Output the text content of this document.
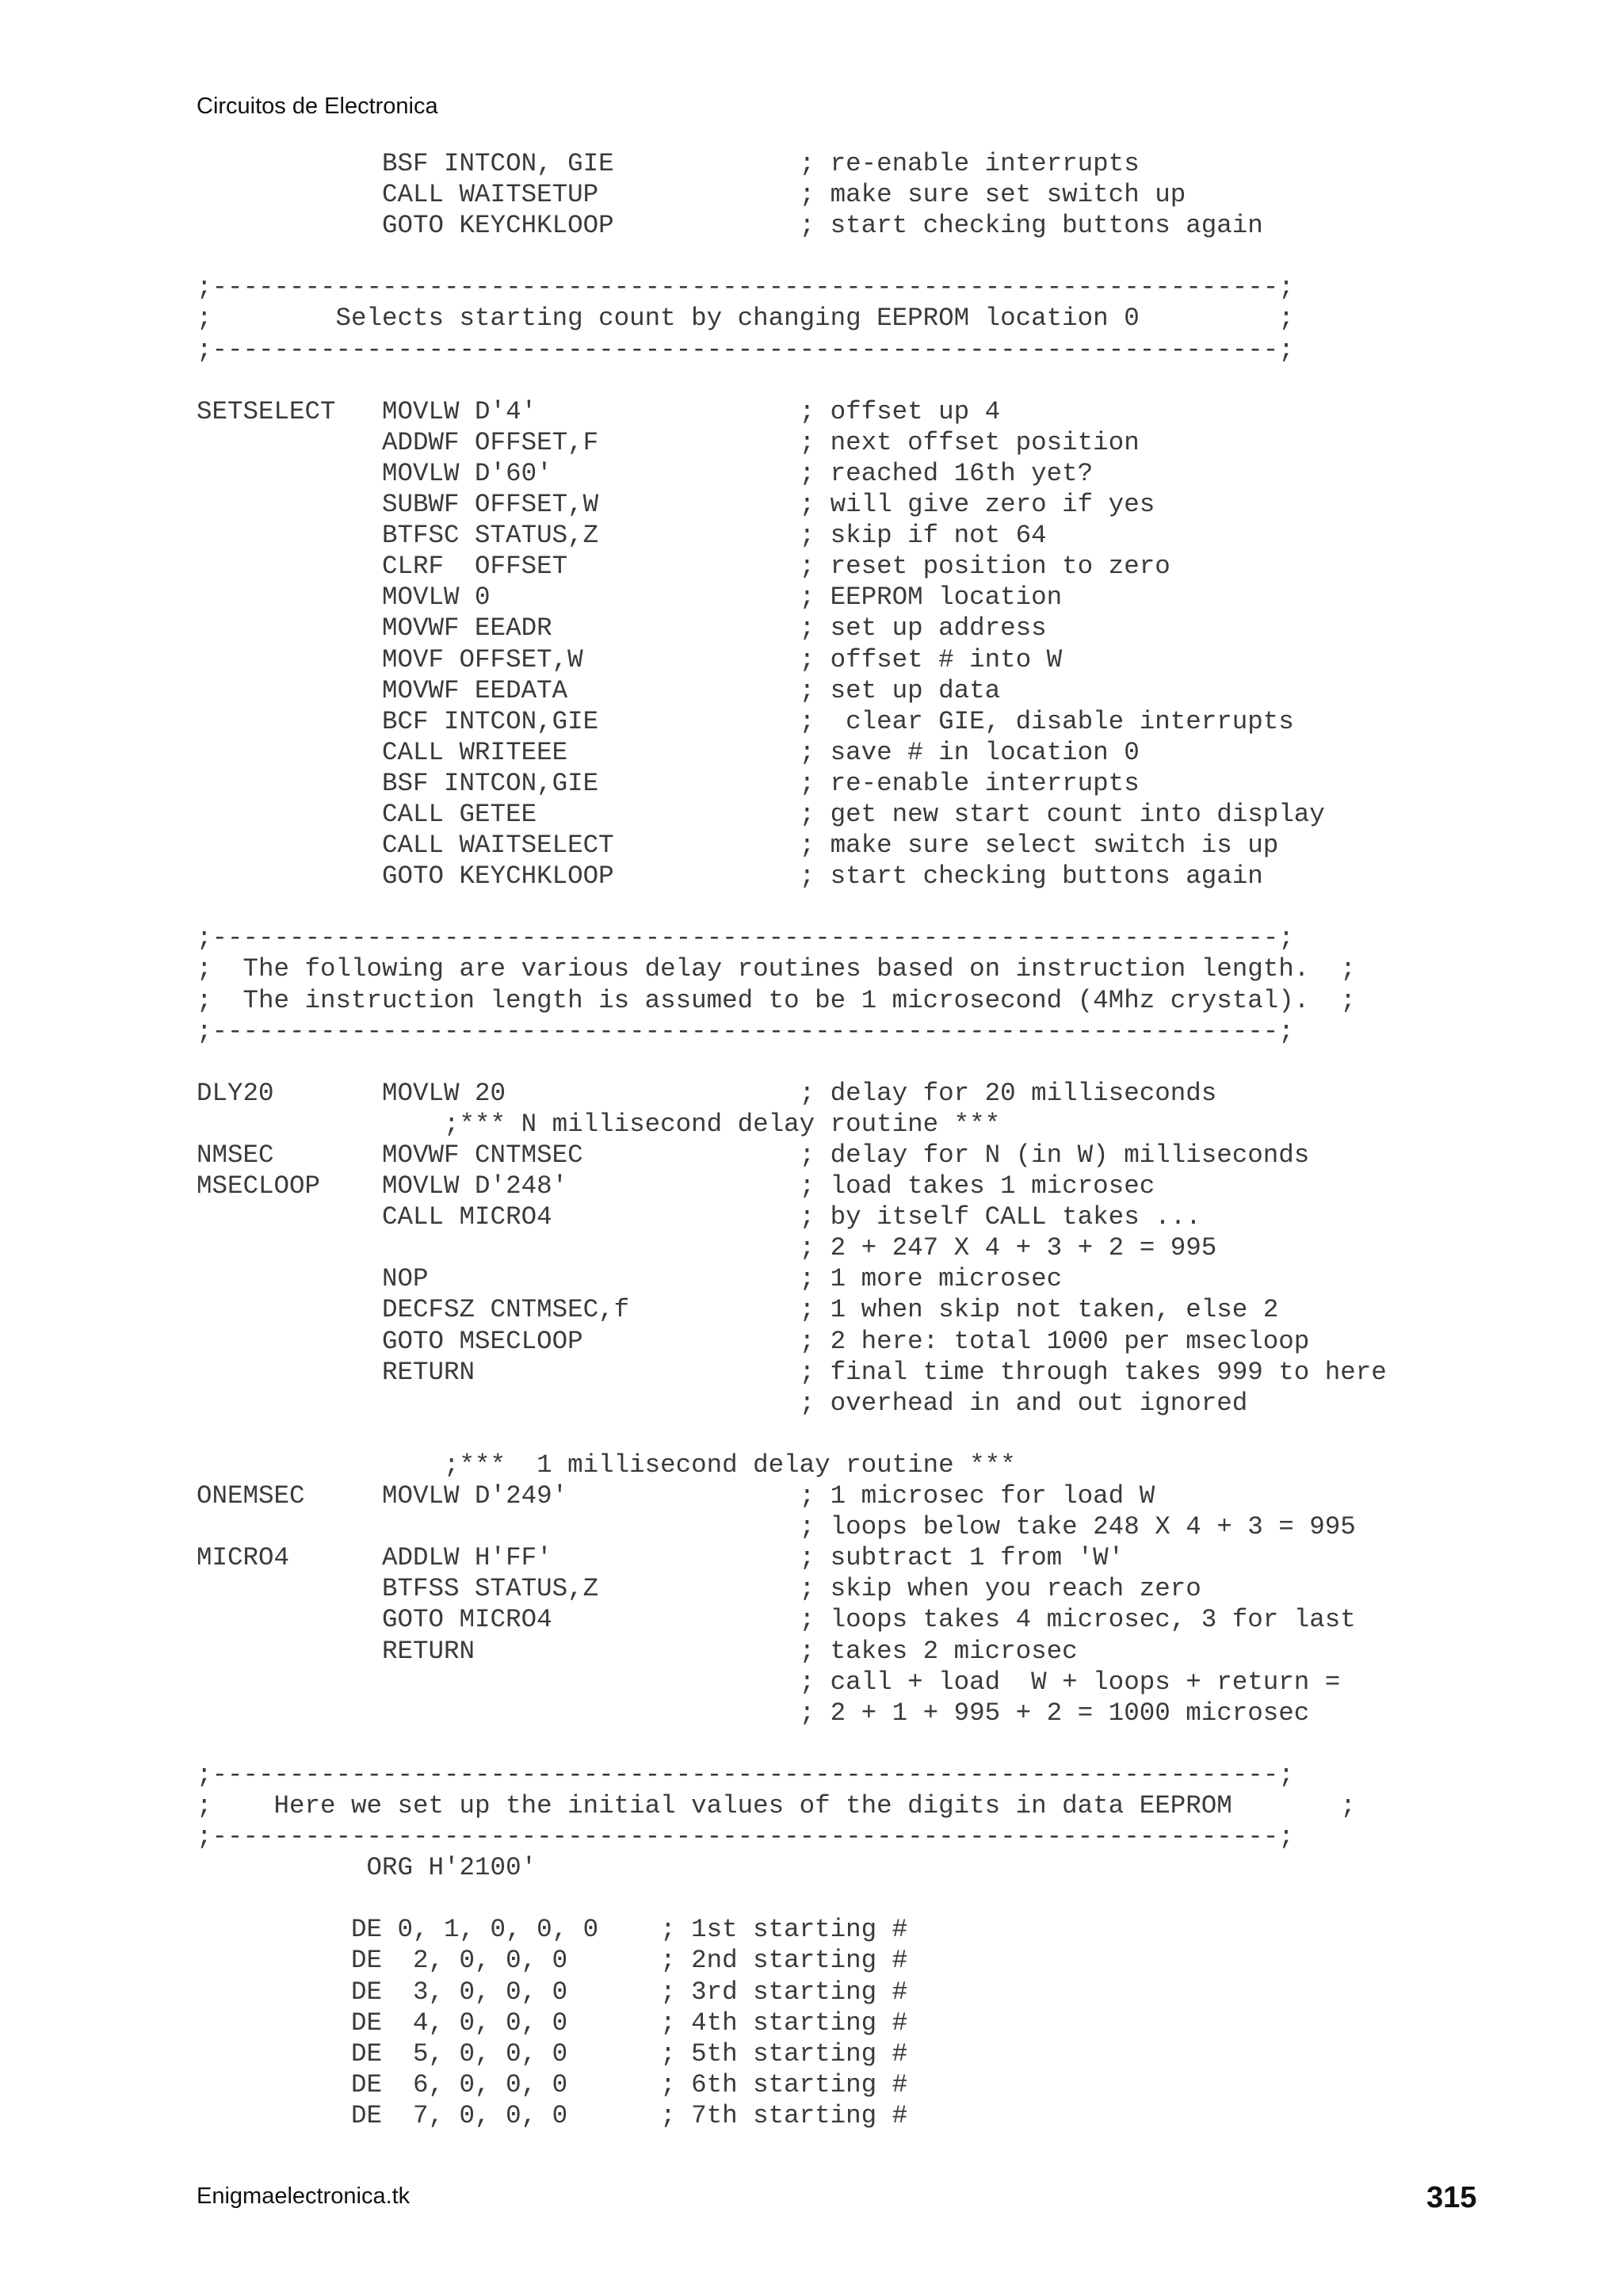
Circuitos de Electronica
BSF INTCON, GIE            ; re-enable interrupts
CALL WAITSETUP             ; make sure set switch up
GOTO KEYCHKLOOP            ; start checking buttons again
;---------------------------------------------------------------------;
;        Selects starting count by changing EEPROM location 0         ;
;---------------------------------------------------------------------;
SETSELECT   MOVLW D'4'                 ; offset up 4
ADDWF OFFSET,F             ; next offset position
MOVLW D'60'                ; reached 16th yet?
SUBWF OFFSET,W             ; will give zero if yes
BTFSC STATUS,Z             ; skip if not 64
CLRF  OFFSET               ; reset position to zero
MOVLW 0                    ; EEPROM location
MOVWF EEADR                ; set up address
MOVF OFFSET,W              ; offset # into W
MOVWF EEDATA               ; set up data
BCF INTCON,GIE             ;  clear GIE, disable interrupts
CALL WRITEEE               ; save # in location 0
BSF INTCON,GIE             ; re-enable interrupts
CALL GETEE                 ; get new start count into display
CALL WAITSELECT            ; make sure select switch is up
GOTO KEYCHKLOOP            ; start checking buttons again
;---------------------------------------------------------------------;
;  The following are various delay routines based on instruction length.  ;
;  The instruction length is assumed to be 1 microsecond (4Mhz crystal).  ;
;---------------------------------------------------------------------;
DLY20       MOVLW 20                   ; delay for 20 milliseconds
;*** N millisecond delay routine ***
NMSEC       MOVWF CNTMSEC              ; delay for N (in W) milliseconds
MSECLOOP    MOVLW D'248'               ; load takes 1 microsec
CALL MICRO4                ; by itself CALL takes ...
; 2 + 247 X 4 + 3 + 2 = 995
NOP                        ; 1 more microsec
DECFSZ CNTMSEC,f           ; 1 when skip not taken, else 2
GOTO MSECLOOP              ; 2 here: total 1000 per msecloop
RETURN                     ; final time through takes 999 to here
; overhead in and out ignored
;***  1 millisecond delay routine ***
ONEMSEC     MOVLW D'249'               ; 1 microsec for load W
; loops below take 248 X 4 + 3 = 995
MICRO4      ADDLW H'FF'                ; subtract 1 from 'W'
BTFSS STATUS,Z             ; skip when you reach zero
GOTO MICRO4                ; loops takes 4 microsec, 3 for last
RETURN                     ; takes 2 microsec
; call + load  W + loops + return =
; 2 + 1 + 995 + 2 = 1000 microsec
;---------------------------------------------------------------------;
;    Here we set up the initial values of the digits in data EEPROM       ;
;---------------------------------------------------------------------;
ORG H'2100'
DE 0, 1, 0, 0, 0    ; 1st starting #
DE  2, 0, 0, 0      ; 2nd starting #
DE  3, 0, 0, 0      ; 3rd starting #
DE  4, 0, 0, 0      ; 4th starting #
DE  5, 0, 0, 0      ; 5th starting #
DE  6, 0, 0, 0      ; 6th starting #
DE  7, 0, 0, 0      ; 7th starting #
Enigmaelectronica.tk	315
